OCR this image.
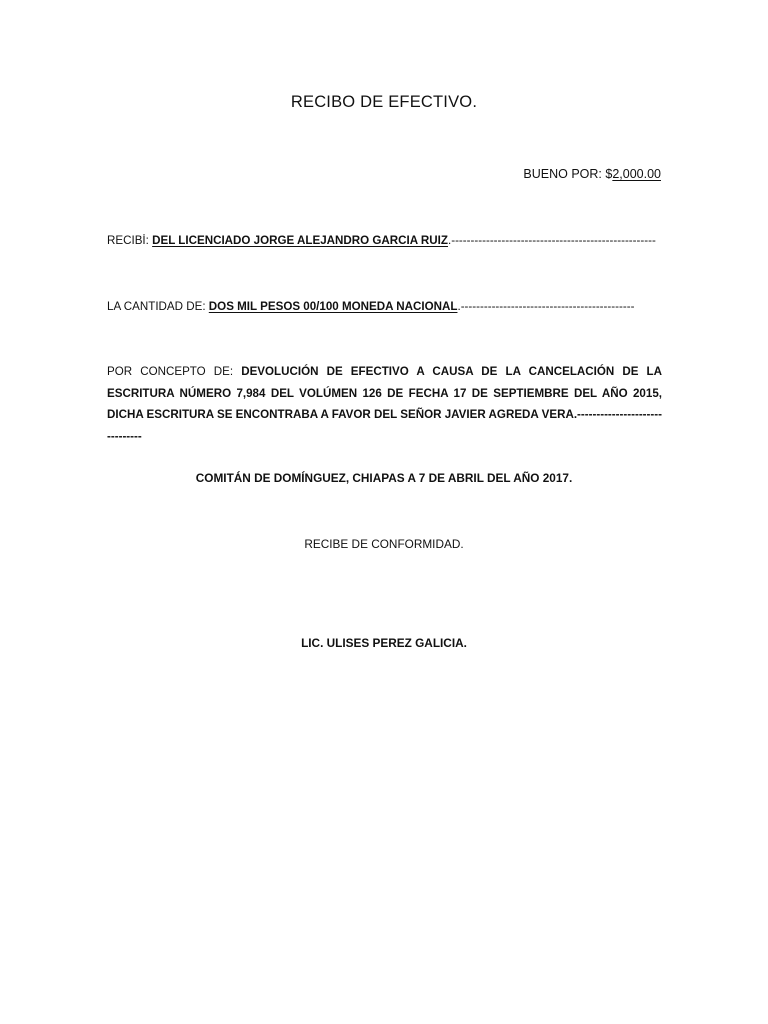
RECIBO DE EFECTIVO.
BUENO POR: $2,000.00
RECIBÍ: DEL LICENCIADO JORGE ALEJANDRO GARCIA RUIZ.-----------------------------------------------------
LA CANTIDAD DE: DOS MIL PESOS 00/100 MONEDA NACIONAL.---------------------------------------------
POR CONCEPTO DE: DEVOLUCIÓN DE EFECTIVO A CAUSA DE LA CANCELACIÓN DE LA ESCRITURA NÚMERO 7,984 DEL VOLÚMEN 126 DE FECHA 17 DE SEPTIEMBRE DEL AÑO 2015, DICHA ESCRITURA SE ENCONTRABA A FAVOR DEL SEÑOR JAVIER AGREDA VERA.-------------------------------
COMITÁN DE DOMÍNGUEZ, CHIAPAS A 7 DE ABRIL DEL AÑO 2017.
RECIBE DE CONFORMIDAD.
LIC. ULISES PEREZ GALICIA.
